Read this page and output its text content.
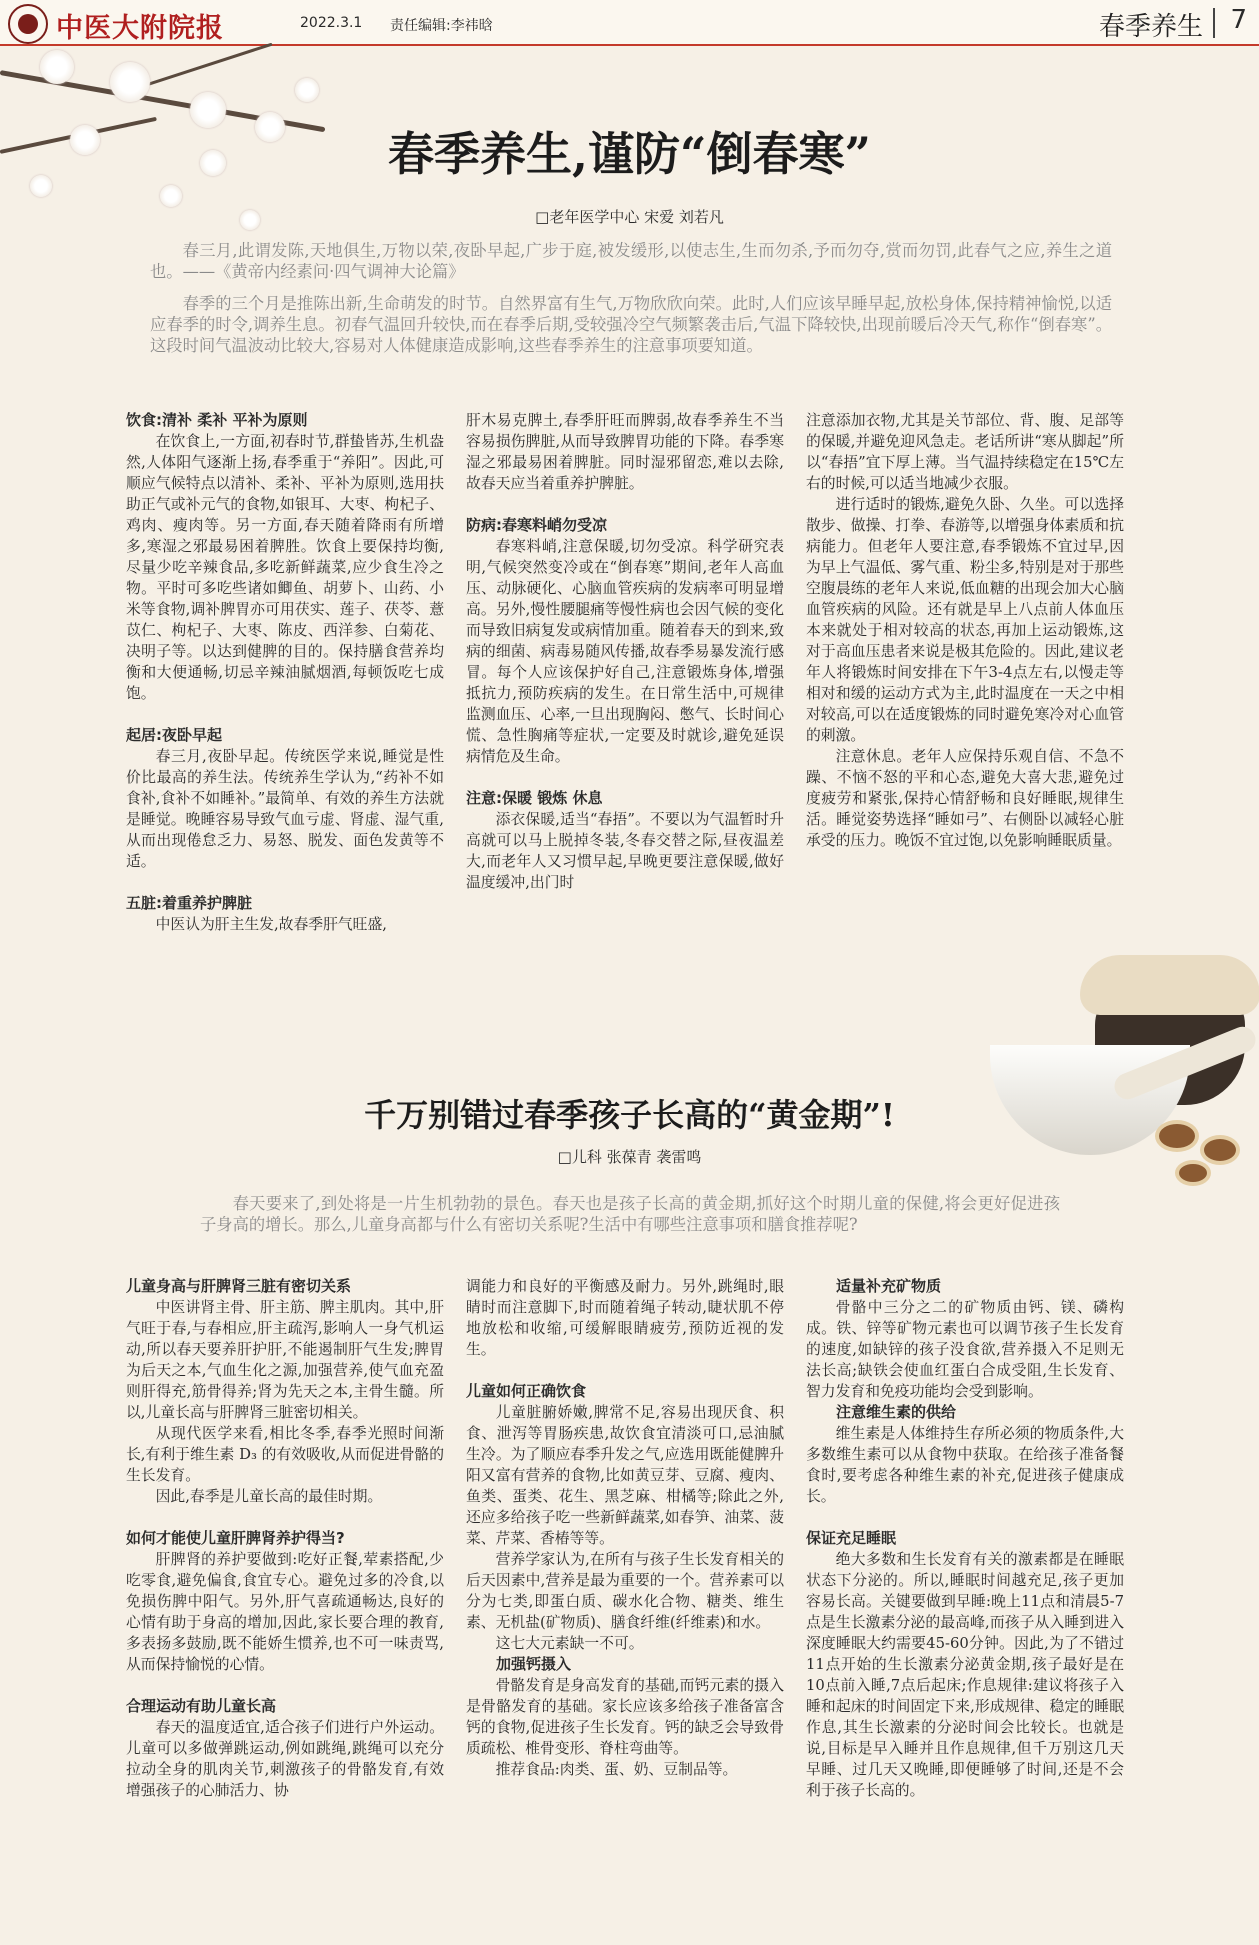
中医大附院报	2022.3.1 责任编辑:李祎晗	春季养生 7
春季养生,谨防“倒春寒”
□老年医学中心 宋爱 刘若凡

春三月,此谓发陈,天地俱生,万物以荣,夜卧早起,广步于庭,被发缓形,以使志生,生而勿杀,予而勿夺,赏而勿罚,此春气之应,养生之道也。——《黄帝内经素问·四气调神大论篇》

春季的三个月是推陈出新,生命萌发的时节。自然界富有生气,万物欣欣向荣。此时,人们应该早睡早起,放松身体,保持精神愉悦,以适应春季的时令,调养生息。初春气温回升较快,而在春季后期,受较强冷空气频繁袭击后,气温下降较快,出现前暖后冷天气,称作“倒春寒”。这段时间气温波动比较大,容易对人体健康造成影响,这些春季养生的注意事项要知道。

饮食:清补 柔补 平补为原则

在饮食上,一方面,初春时节,群蛰皆苏,生机盎然,人体阳气逐渐上扬,春季重于“养阳”。因此,可顺应气候特点以清补、柔补、平补为原则,选用扶助正气或补元气的食物,如银耳、大枣、枸杞子、鸡肉、瘦肉等。另一方面,春天随着降雨有所增多,寒湿之邪最易困着脾胜。饮食上要保持均衡,尽量少吃辛辣食品,多吃新鲜蔬菜,应少食生冷之物。平时可多吃些诸如鲫鱼、胡萝卜、山药、小米等食物,调补脾胃亦可用茯实、莲子、茯苓、薏苡仁、枸杞子、大枣、陈皮、西洋参、白菊花、决明子等。以达到健脾的目的。保持膳食营养均衡和大便通畅,切忌辛辣油腻烟酒,每顿饭吃七成饱。

起居:夜卧早起

春三月,夜卧早起。传统医学来说,睡觉是性价比最高的养生法。传统养生学认为,“药补不如食补,食补不如睡补。”最简单、有效的养生方法就是睡觉。晚睡容易导致气血亏虚、肾虚、湿气重,从而出现倦怠乏力、易怒、脱发、面色发黄等不适。

五脏:着重养护脾脏

中医认为肝主生发,故春季肝气旺盛,

肝木易克脾土,春季肝旺而脾弱,故春季养生不当容易损伤脾脏,从而导致脾胃功能的下降。春季寒湿之邪最易困着脾脏。同时湿邪留恋,难以去除,故春天应当着重养护脾脏。

防病:春寒料峭勿受凉

春寒料峭,注意保暖,切勿受凉。科学研究表明,气候突然变冷或在“倒春寒”期间,老年人高血压、动脉硬化、心脑血管疾病的发病率可明显增高。另外,慢性腰腿痛等慢性病也会因气候的变化而导致旧病复发或病情加重。随着春天的到来,致病的细菌、病毒易随风传播,故春季易暴发流行感冒。每个人应该保护好自己,注意锻炼身体,增强抵抗力,预防疾病的发生。在日常生活中,可规律监测血压、心率,一旦出现胸闷、憋气、长时间心慌、急性胸痛等症状,一定要及时就诊,避免延误病情危及生命。

注意:保暖 锻炼 休息

添衣保暖,适当“春捂”。不要以为气温暂时升高就可以马上脱掉冬装,冬春交替之际,昼夜温差大,而老年人又习惯早起,早晚更要注意保暖,做好温度缓冲,出门时

注意添加衣物,尤其是关节部位、背、腹、足部等的保暖,并避免迎风急走。老话所讲“寒从脚起”所以“春捂”宜下厚上薄。当气温持续稳定在15℃左右的时候,可以适当地减少衣服。

进行适时的锻炼,避免久卧、久坐。可以选择散步、做操、打拳、春游等,以增强身体素质和抗病能力。但老年人要注意,春季锻炼不宜过早,因为早上气温低、雾气重、粉尘多,特别是对于那些空腹晨练的老年人来说,低血糖的出现会加大心脑血管疾病的风险。还有就是早上八点前人体血压本来就处于相对较高的状态,再加上运动锻炼,这对于高血压患者来说是极其危险的。因此,建议老年人将锻炼时间安排在下午3-4点左右,以慢走等相对和缓的运动方式为主,此时温度在一天之中相对较高,可以在适度锻炼的同时避免寒冷对心血管的刺激。

注意休息。老年人应保持乐观自信、不急不躁、不恼不怒的平和心态,避免大喜大悲,避免过度疲劳和紧张,保持心情舒畅和良好睡眠,规律生活。睡觉姿势选择“睡如弓”、右侧卧以减轻心脏承受的压力。晚饭不宜过饱,以免影响睡眠质量。

千万别错过春季孩子长高的“黄金期”!
□儿科 张葆青 袭雷鸣

春天要来了,到处将是一片生机勃勃的景色。春天也是孩子长高的黄金期,抓好这个时期儿童的保健,将会更好促进孩子身高的增长。那么,儿童身高都与什么有密切关系呢?生活中有哪些注意事项和膳食推荐呢?

儿童身高与肝脾肾三脏有密切关系

中医讲肾主骨、肝主筋、脾主肌肉。其中,肝气旺于春,与春相应,肝主疏泻,影响人一身气机运动,所以春天要养肝护肝,不能遏制肝气生发;脾胃为后天之本,气血生化之源,加强营养,使气血充盈则肝得充,筋骨得养;肾为先天之本,主骨生髓。所以,儿童长高与肝脾肾三脏密切相关。

从现代医学来看,相比冬季,春季光照时间渐长,有利于维生素 D₃ 的有效吸收,从而促进骨骼的生长发育。

因此,春季是儿童长高的最佳时期。

如何才能使儿童肝脾肾养护得当?

肝脾肾的养护要做到:吃好正餐,荤素搭配,少吃零食,避免偏食,食宜专心。避免过多的冷食,以免损伤脾中阳气。另外,肝气喜疏通畅达,良好的心情有助于身高的增加,因此,家长要合理的教育,多表扬多鼓励,既不能娇生惯养,也不可一味责骂,从而保持愉悦的心情。

合理运动有助儿童长高

春天的温度适宜,适合孩子们进行户外运动。儿童可以多做弹跳运动,例如跳绳,跳绳可以充分拉动全身的肌肉关节,刺激孩子的骨骼发育,有效增强孩子的心肺活力、协

调能力和良好的平衡感及耐力。另外,跳绳时,眼睛时而注意脚下,时而随着绳子转动,睫状肌不停地放松和收缩,可缓解眼睛疲劳,预防近视的发生。

儿童如何正确饮食

儿童脏腑娇嫩,脾常不足,容易出现厌食、积食、泄泻等胃肠疾患,故饮食宜清淡可口,忌油腻生冷。为了顺应春季升发之气,应选用既能健脾升阳又富有营养的食物,比如黄豆芽、豆腐、瘦肉、鱼类、蛋类、花生、黑芝麻、柑橘等;除此之外,还应多给孩子吃一些新鲜蔬菜,如春笋、油菜、菠菜、芹菜、香椿等等。

营养学家认为,在所有与孩子生长发育相关的后天因素中,营养是最为重要的一个。营养素可以分为七类,即蛋白质、碳水化合物、糖类、维生素、无机盐(矿物质)、膳食纤维(纤维素)和水。

这七大元素缺一不可。

加强钙摄入

骨骼发育是身高发育的基础,而钙元素的摄入是骨骼发育的基础。家长应该多给孩子准备富含钙的食物,促进孩子生长发育。钙的缺乏会导致骨质疏松、椎骨变形、脊柱弯曲等。

推荐食品:肉类、蛋、奶、豆制品等。

适量补充矿物质

骨骼中三分之二的矿物质由钙、镁、磷构成。铁、锌等矿物元素也可以调节孩子生长发育的速度,如缺锌的孩子没食欲,营养摄入不足则无法长高;缺铁会使血红蛋白合成受阻,生长发育、智力发育和免疫功能均会受到影响。

注意维生素的供给

维生素是人体维持生存所必须的物质条件,大多数维生素可以从食物中获取。在给孩子准备餐食时,要考虑各种维生素的补充,促进孩子健康成长。

保证充足睡眠

绝大多数和生长发育有关的激素都是在睡眠状态下分泌的。所以,睡眠时间越充足,孩子更加容易长高。关键要做到早睡:晚上11点和清晨5-7点是生长激素分泌的最高峰,而孩子从入睡到进入深度睡眠大约需要45-60分钟。因此,为了不错过11点开始的生长激素分泌黄金期,孩子最好是在10点前入睡,7点后起床;作息规律:建议将孩子入睡和起床的时间固定下来,形成规律、稳定的睡眠作息,其生长激素的分泌时间会比较长。也就是说,目标是早入睡并且作息规律,但千万别这几天早睡、过几天又晚睡,即便睡够了时间,还是不会利于孩子长高的。
